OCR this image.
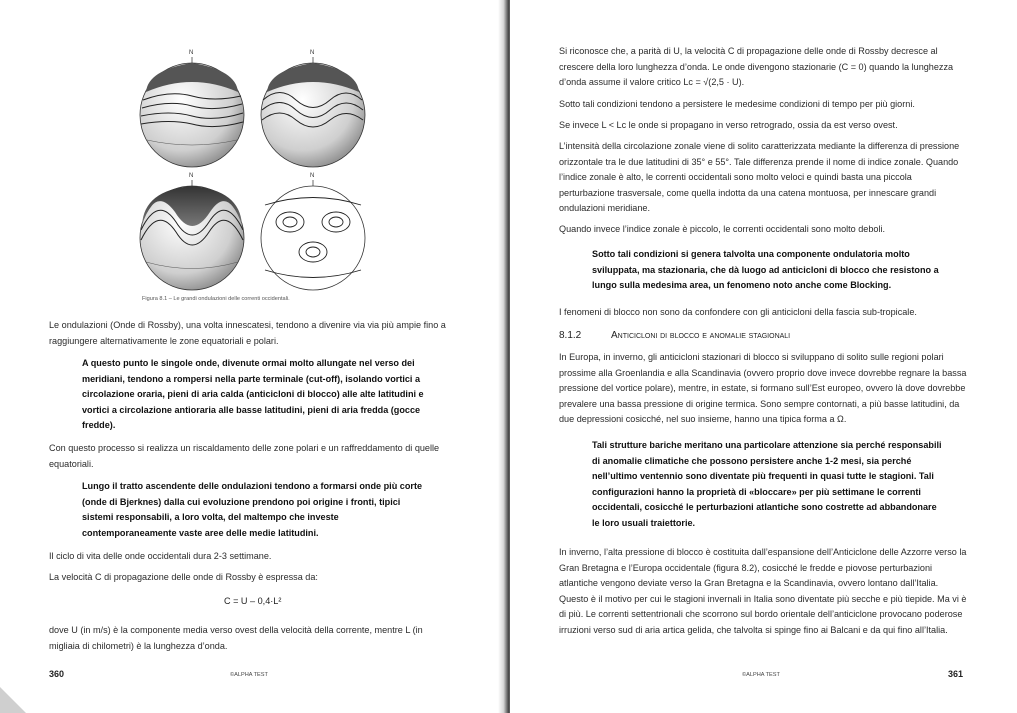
N	N
N	N
Figura 8.1 – Le grandi ondulazioni delle correnti occidentali.

Le ondulazioni (Onde di Rossby), una volta innescatesi, tendono a divenire via via più ampie fino a raggiungere alternativamente le zone equatoriali e polari.

A questo punto le singole onde, divenute ormai molto allungate nel verso dei meridiani, tendono a rompersi nella parte terminale (cut-off), isolando vortici a circolazione oraria, pieni di aria calda (anticicloni di blocco) alle alte latitudini e vortici a circolazione antioraria alle basse latitudini, pieni di aria fredda (gocce fredde).

Con questo processo si realizza un riscaldamento delle zone polari e un raffreddamento di quelle equatoriali.

Lungo il tratto ascendente delle ondulazioni tendono a formarsi onde più corte (onde di Bjerknes) dalla cui evoluzione prendono poi origine i fronti, tipici sistemi responsabili, a loro volta, del maltempo che investe contemporaneamente vaste aree delle medie latitudini.

Il ciclo di vita delle onde occidentali dura 2-3 settimane.

La velocità C di propagazione delle onde di Rossby è espressa da:

C = U – 0,4·L²

dove U (in m/s) è la componente media verso ovest della velocità della corrente, mentre L (in migliaia di chilometri) è la lunghezza d’onda.

360	©ALPHA TEST

Si riconosce che, a parità di U, la velocità C di propagazione delle onde di Rossby decresce al crescere della loro lunghezza d’onda. Le onde divengono stazionarie (C = 0) quando la lunghezza d’onda assume il valore critico Lc = √(2,5 · U).

Sotto tali condizioni tendono a persistere le medesime condizioni di tempo per più giorni.

Se invece L < Lc le onde si propagano in verso retrogrado, ossia da est verso ovest.

L’intensità della circolazione zonale viene di solito caratterizzata mediante la differenza di pressione orizzontale tra le due latitudini di 35° e 55°. Tale differenza prende il nome di indice zonale. Quando l’indice zonale è alto, le correnti occidentali sono molto veloci e quindi basta una piccola perturbazione trasversale, come quella indotta da una catena montuosa, per innescare grandi ondulazioni meridiane.

Quando invece l’indice zonale è piccolo, le correnti occidentali sono molto deboli.

Sotto tali condizioni si genera talvolta una componente ondulatoria molto sviluppata, ma stazionaria, che dà luogo ad anticicloni di blocco che resistono a lungo sulla medesima area, un fenomeno noto anche come Blocking.

I fenomeni di blocco non sono da confondere con gli anticicloni della fascia sub-tropicale.

8.1.2	Anticicloni di blocco e anomalie stagionali

In Europa, in inverno, gli anticicloni stazionari di blocco si sviluppano di solito sulle regioni polari prossime alla Groenlandia e alla Scandinavia (ovvero proprio dove invece dovrebbe regnare la bassa pressione del vortice polare), mentre, in estate, si formano sull’Est europeo, ovvero là dove dovrebbe prevalere una bassa pressione di origine termica. Sono sempre contornati, a più basse latitudini, da due depressioni cosicché, nel suo insieme, hanno una tipica forma a Ω.

Tali strutture bariche meritano una particolare attenzione sia perché responsabili di anomalie climatiche che possono persistere anche 1-2 mesi, sia perché nell’ultimo ventennio sono diventate più frequenti in quasi tutte le stagioni. Tali configurazioni hanno la proprietà di «bloccare» per più settimane le correnti occidentali, cosicché le perturbazioni atlantiche sono costrette ad abbandonare le loro usuali traiettorie.

In inverno, l’alta pressione di blocco è costituita dall’espansione dell’Anticiclone delle Azzorre verso la Gran Bretagna e l’Europa occidentale (figura 8.2), cosicché le fredde e piovose perturbazioni atlantiche vengono deviate verso la Gran Bretagna e la Scandinavia, ovvero lontano dall’Italia. Questo è il motivo per cui le stagioni invernali in Italia sono diventate più secche e più tiepide. Ma vi è di più. Le correnti settentrionali che scorrono sul bordo orientale dell’anticiclone provocano poderose irruzioni verso sud di aria artica gelida, che talvolta si spinge fino ai Balcani e da qui fino all’Italia.

©ALPHA TEST	361
